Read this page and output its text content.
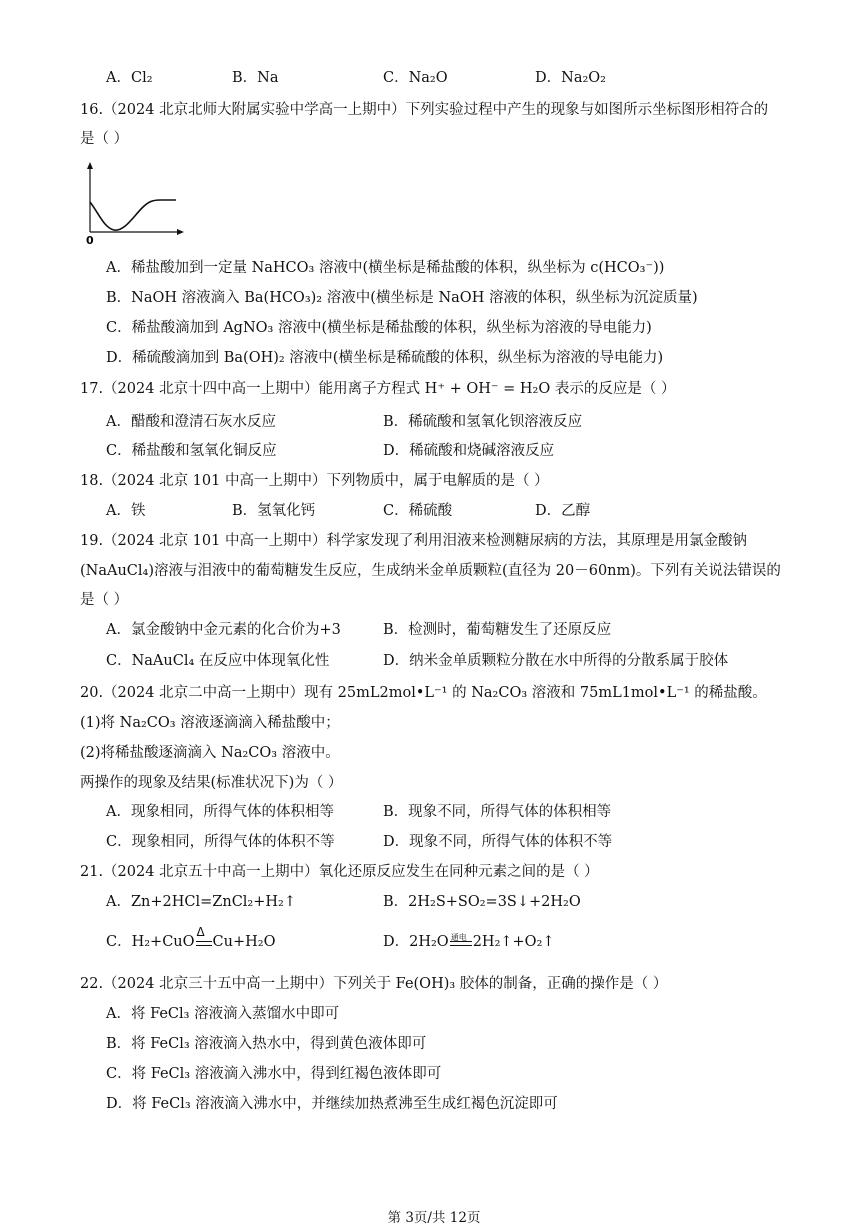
A．Cl₂	B．Na	C．Na₂O	D．Na₂O₂
16.（2024 北京北师大附属实验中学高一上期中）下列实验过程中产生的现象与如图所示坐标图形相符合的
是（ ）
0
A．稀盐酸加到一定量 NaHCO₃ 溶液中(横坐标是稀盐酸的体积，纵坐标为 c(HCO₃⁻))
B．NaOH 溶液滴入 Ba(HCO₃)₂ 溶液中(横坐标是 NaOH 溶液的体积，纵坐标为沉淀质量)
C．稀盐酸滴加到 AgNO₃ 溶液中(横坐标是稀盐酸的体积，纵坐标为溶液的导电能力)
D．稀硫酸滴加到 Ba(OH)₂ 溶液中(横坐标是稀硫酸的体积，纵坐标为溶液的导电能力)
17.（2024 北京十四中高一上期中）能用离子方程式 H⁺ + OH⁻ = H₂O 表示的反应是（ ）
A．醋酸和澄清石灰水反应	B．稀硫酸和氢氧化钡溶液反应
C．稀盐酸和氢氧化铜反应	D．稀硫酸和烧碱溶液反应
18.（2024 北京 101 中高一上期中）下列物质中，属于电解质的是（ ）
A．铁	B．氢氧化钙	C．稀硫酸	D．乙醇
19.（2024 北京 101 中高一上期中）科学家发现了利用泪液来检测糖尿病的方法，其原理是用氯金酸钠
(NaAuCl₄)溶液与泪液中的葡萄糖发生反应，生成纳米金单质颗粒(直径为 20－60nm)。下列有关说法错误的
是（ ）
A．氯金酸钠中金元素的化合价为+3	B．检测时，葡萄糖发生了还原反应
C．NaAuCl₄ 在反应中体现氧化性	D．纳米金单质颗粒分散在水中所得的分散系属于胶体
20.（2024 北京二中高一上期中）现有 25mL2mol•L⁻¹ 的 Na₂CO₃ 溶液和 75mL1mol•L⁻¹ 的稀盐酸。
(1)将 Na₂CO₃ 溶液逐滴滴入稀盐酸中；
(2)将稀盐酸逐滴滴入 Na₂CO₃ 溶液中。
两操作的现象及结果(标准状况下)为（ ）
A．现象相同，所得气体的体积相等	B．现象不同，所得气体的体积相等
C．现象相同，所得气体的体积不等	D．现象不同，所得气体的体积不等
21.（2024 北京五十中高一上期中）氧化还原反应发生在同种元素之间的是（ ）
A．Zn+2HCl=ZnCl₂+H₂↑	B．2H₂S+SO₂=3S↓+2H₂O
C．H₂+CuO
Δ
Cu+H₂O	D．2H₂O 通电 2H₂↑+O₂↑
22.（2024 北京三十五中高一上期中）下列关于 Fe(OH)₃ 胶体的制备，正确的操作是（ ）
A．将 FeCl₃ 溶液滴入蒸馏水中即可
B．将 FeCl₃ 溶液滴入热水中，得到黄色液体即可
C．将 FeCl₃ 溶液滴入沸水中，得到红褐色液体即可
D．将 FeCl₃ 溶液滴入沸水中，并继续加热煮沸至生成红褐色沉淀即可
第 3页/共 12页
